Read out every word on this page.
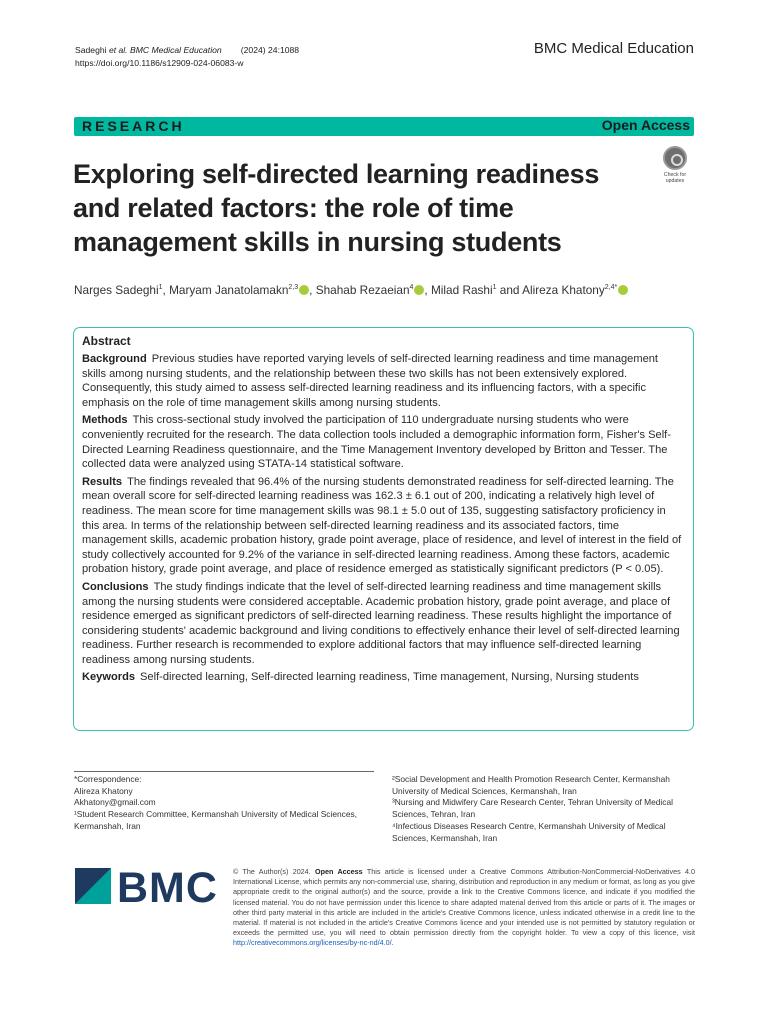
Sadeghi et al. BMC Medical Education (2024) 24:1088
https://doi.org/10.1186/s12909-024-06083-w
BMC Medical Education
RESEARCH	Open Access
Exploring self-directed learning readiness and related factors: the role of time management skills in nursing students
Check for updates
Narges Sadeghi$^1$, Maryam Janatolamakn$^{2,3}$ , Shahab Rezaeian$^4$ , Milad Rashi$^1$ and Alireza Khatony$^{2,4*}$
Abstract

Background Previous studies have reported varying levels of self-directed learning readiness and time management skills among nursing students, and the relationship between these two skills has not been extensively explored. Consequently, this study aimed to assess self-directed learning readiness and its influencing factors, with a specific emphasis on the role of time management skills among nursing students.

Methods This cross-sectional study involved the participation of 110 undergraduate nursing students who were conveniently recruited for the research. The data collection tools included a demographic information form, Fisher's Self-Directed Learning Readiness questionnaire, and the Time Management Inventory developed by Britton and Tesser. The collected data were analyzed using STATA-14 statistical software.

Results The findings revealed that 96.4% of the nursing students demonstrated readiness for self-directed learning. The mean overall score for self-directed learning readiness was 162.3 ± 6.1 out of 200, indicating a relatively high level of readiness. The mean score for time management skills was 98.1 ± 5.0 out of 135, suggesting satisfactory proficiency in this area. In terms of the relationship between self-directed learning readiness and its associated factors, time management skills, academic probation history, grade point average, place of residence, and level of interest in the field of study collectively accounted for 9.2% of the variance in self-directed learning readiness. Among these factors, academic probation history, grade point average, and place of residence emerged as statistically significant predictors (P < 0.05).

Conclusions The study findings indicate that the level of self-directed learning readiness and time management skills among the nursing students were considered acceptable. Academic probation history, grade point average, and place of residence emerged as significant predictors of self-directed learning readiness. These results highlight the importance of considering students' academic background and living conditions to effectively enhance their level of self-directed learning readiness. Further research is recommended to explore additional factors that may influence self-directed learning readiness among nursing students.

Keywords Self-directed learning, Self-directed learning readiness, Time management, Nursing, Nursing students

*Correspondence:
Alireza Khatony
Akhatony@gmail.com
¹Student Research Committee, Kermanshah University of Medical Sciences, Kermanshah, Iran
²Social Development and Health Promotion Research Center, Kermanshah University of Medical Sciences, Kermanshah, Iran
³Nursing and Midwifery Care Research Center, Tehran University of Medical Sciences, Tehran, Iran
⁴Infectious Diseases Research Centre, Kermanshah University of Medical Sciences, Kermanshah, Iran
BMC © The Author(s) 2024. Open Access This article is licensed under a Creative Commons Attribution-NonCommercial-NoDerivatives 4.0 International License, which permits any non-commercial use, sharing, distribution and reproduction in any medium or format, as long as you give appropriate credit to the original author(s) and the source, provide a link to the Creative Commons licence, and indicate if you modified the licensed material. You do not have permission under this licence to share adapted material derived from this article or parts of it. The images or other third party material in this article are included in the article's Creative Commons licence, unless indicated otherwise in a credit line to the material. If material is not included in the article's Creative Commons licence and your intended use is not permitted by statutory regulation or exceeds the permitted use, you will need to obtain permission directly from the copyright holder. To view a copy of this licence, visit http://creativecommons.org/licenses/by-nc-nd/4.0/.
